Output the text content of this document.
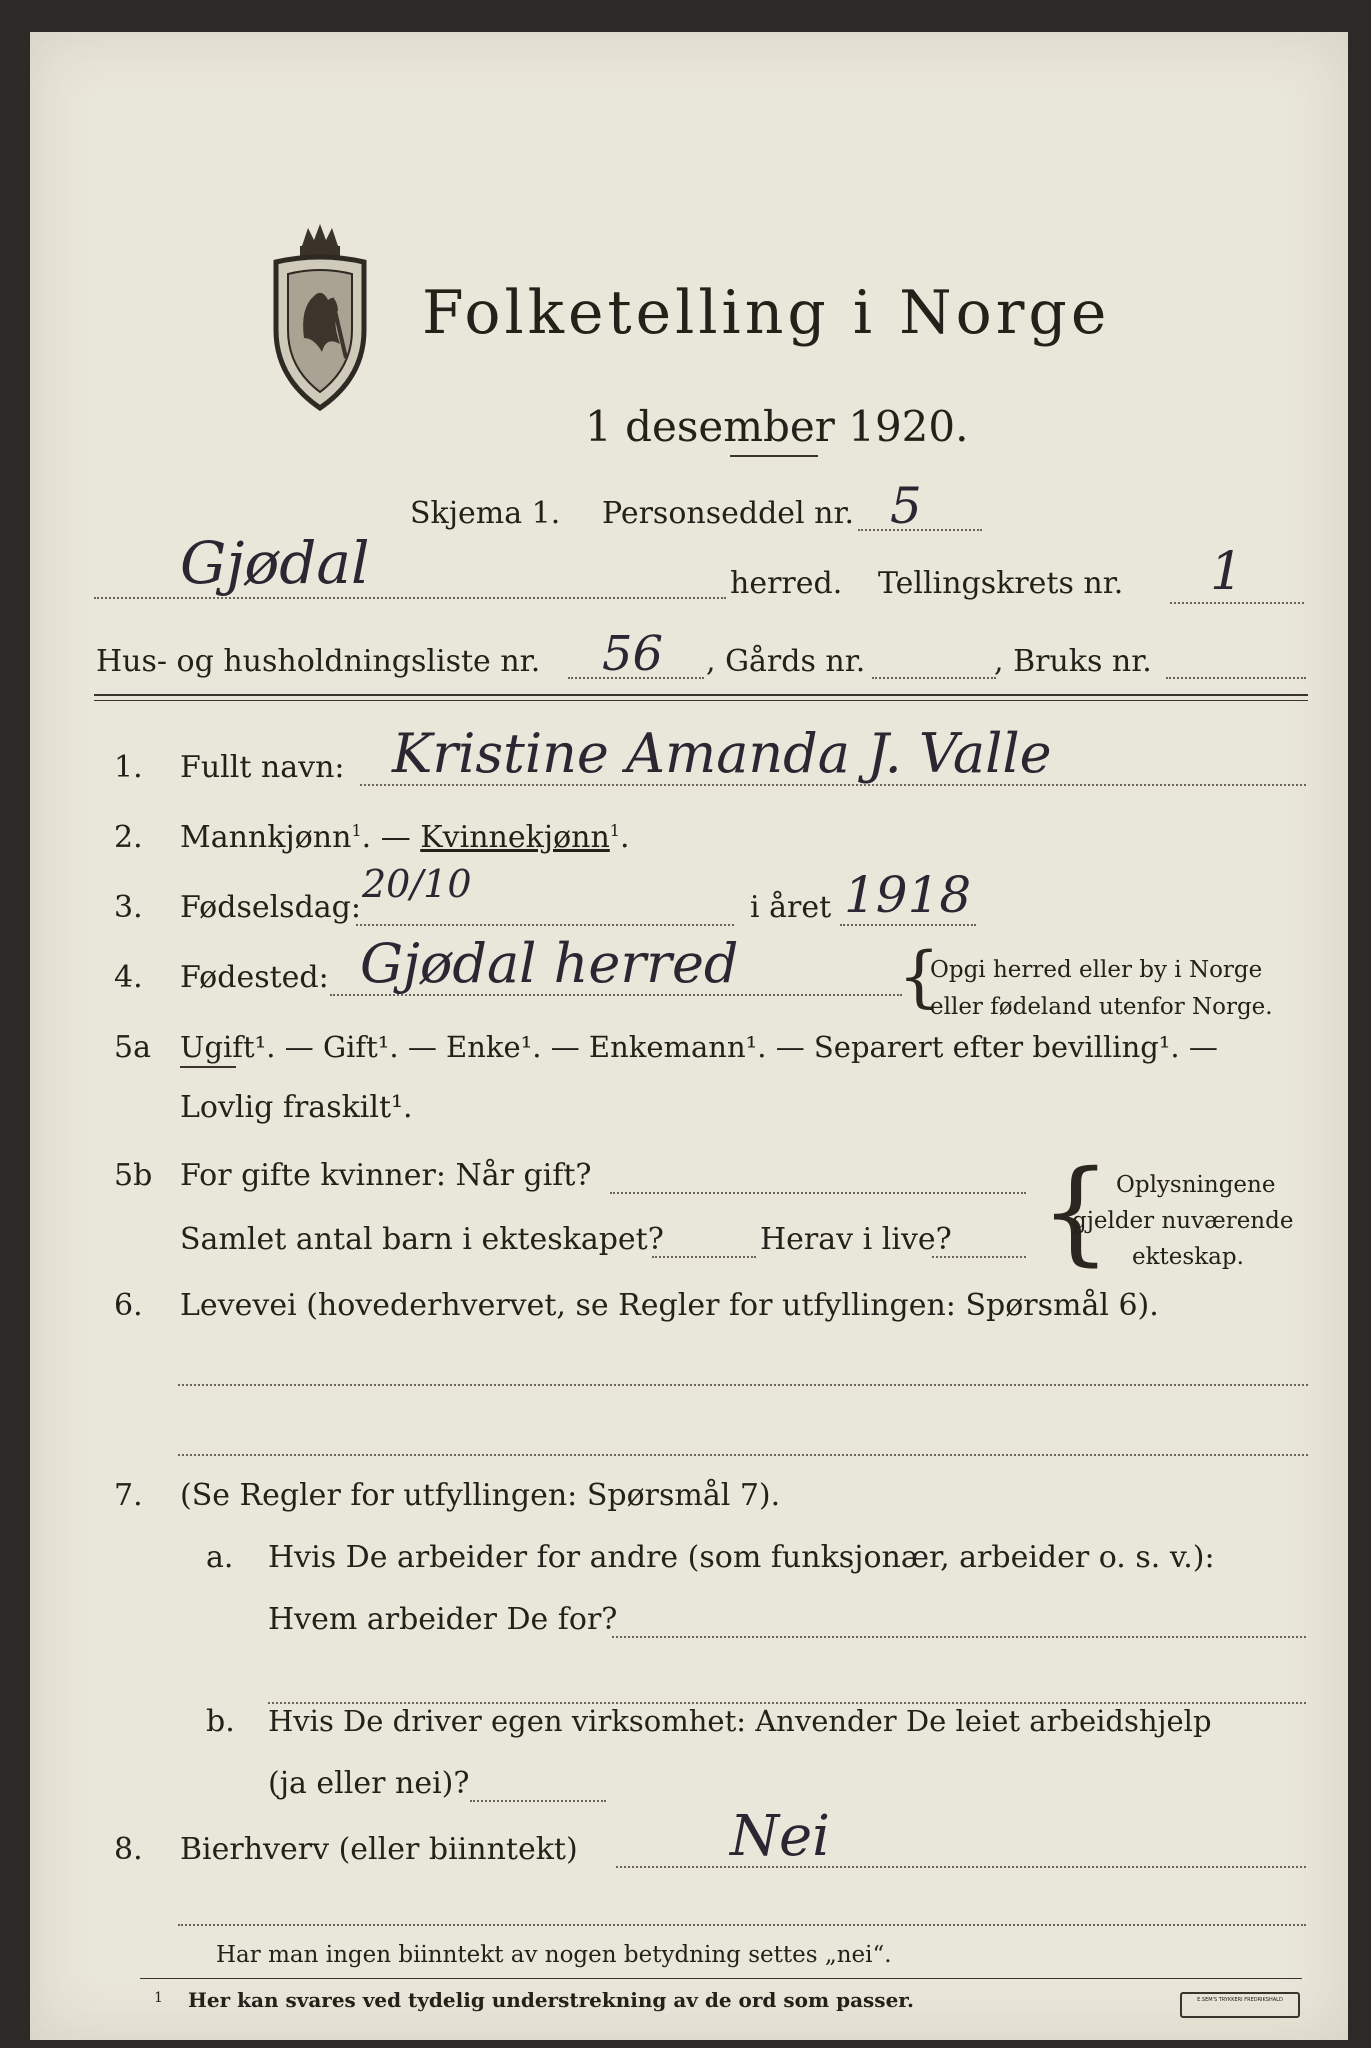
Folketelling i Norge
1 desember 1920.
Skjema 1. Personseddel nr. 5
Gjødal	herred. Tellingskrets nr. 1
Hus- og husholdningsliste nr. 56 , Gårds nr.	, Bruks nr.
1. Fullt navn: Kristine Amanda J. Valle
2. Mannkjønn$^1$. — Kvinnekjønn$^1$.
3. Fødselsdag:
20/10
i året 1918
4. Fødested: Gjødal herred {
Opgi herred eller by i Norge
eller fødeland utenfor Norge.
5a Ugift¹. — Gift¹. — Enke¹. — Enkemann¹. — Separert efter bevilling¹. —
Lovlig fraskilt¹.
5b For gifte kvinner: Når gift?
Samlet antal barn i ekteskapet?	Herav i live? { Oplysningene
gjelder nuværende
ekteskap.
6. Levevei (hovederhvervet, se Regler for utfyllingen: Spørsmål 6).
7. (Se Regler for utfyllingen: Spørsmål 7).
a. Hvis De arbeider for andre (som funksjonær, arbeider o. s. v.):
Hvem arbeider De for?
b. Hvis De driver egen virksomhet: Anvender De leiet arbeidshjelp
(ja eller nei)?
8. Bierhverv (eller biinntekt)	Nei
Har man ingen biinntekt av nogen betydning settes „nei“.
1 Her kan svares ved tydelig understrekning av de ord som passer.	E.SEM'S TRYKKERI FREDRIKSHALD
